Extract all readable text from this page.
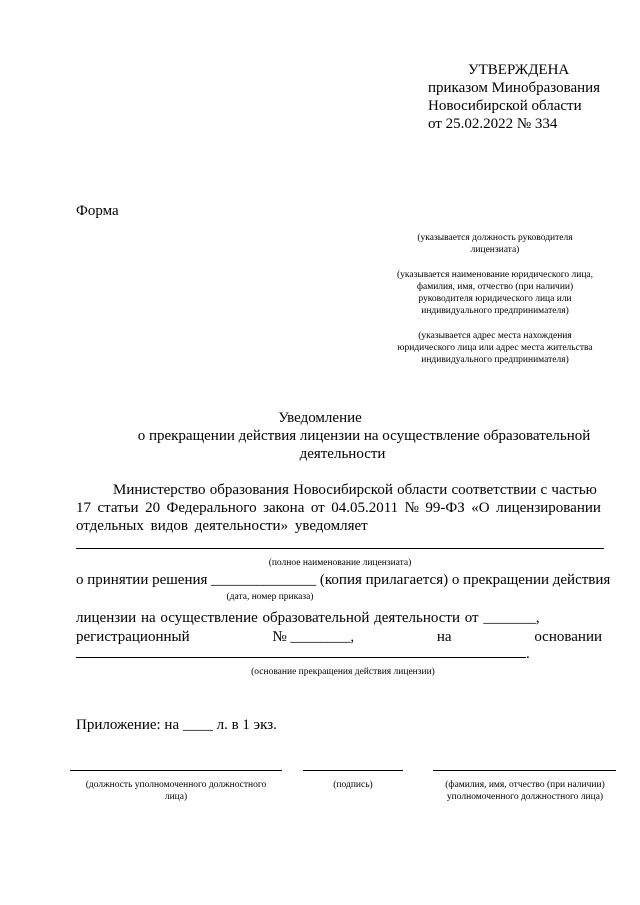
УТВЕРЖДЕНА
приказом Минобразования
Новосибирской области
от 25.02.2022 № 334
Форма
(указывается должность руководителя
лицензиата)
(указывается наименование юридического лица,
фамилия, имя, отчество (при наличии)
руководителя юридического лица или
индивидуального предпринимателя)
(указывается адрес места нахождения
юридического лица или адрес места жительства
индивидуального предпринимателя)
Уведомление
о прекращении действия лицензии на осуществление образовательной
деятельности
Министерство образования Новосибирской области соответствии с частью
17 статьи 20 Федерального закона от 04.05.2011 № 99-ФЗ «О лицензировании
отдельных видов деятельности» уведомляет
(полное наименование лицензиата)
о принятии решения ______________ (копия прилагается) о прекращении действия
(дата, номер приказа)
лицензии на осуществление образовательной деятельности от _______,
регистрационный	№ ________,	на	основании
.
(основание прекращения действия лицензии)
Приложение: на ____ л. в 1 экз.
(должность уполномоченного должностного
лица)
(подпись)	(фамилия, имя, отчество (при наличии)
уполномоченного должностного лица)
